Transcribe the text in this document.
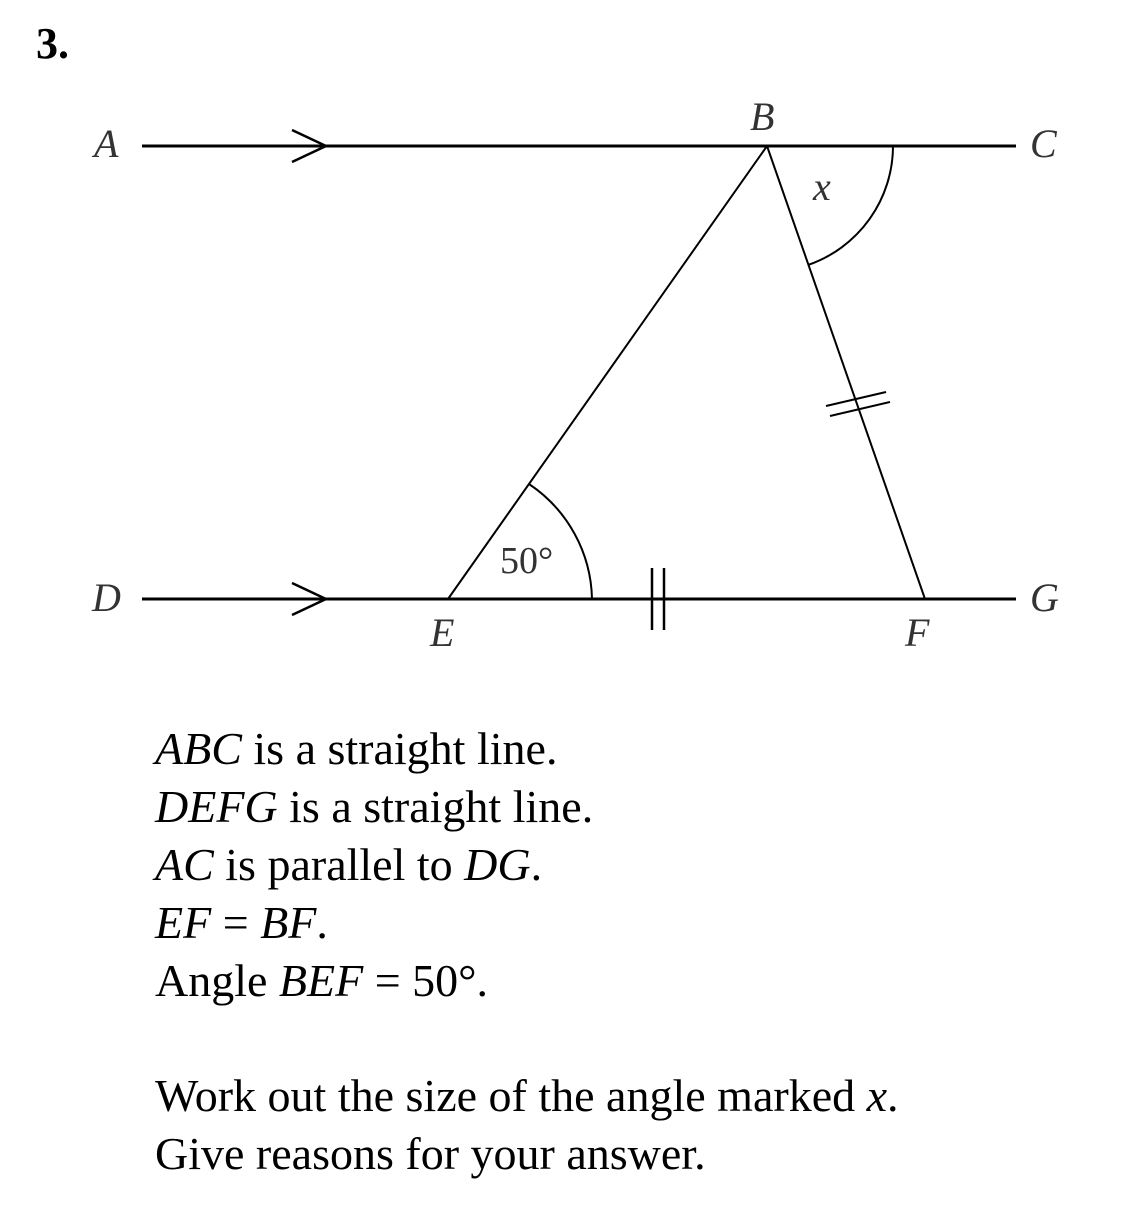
3.
A
B
C
D
E	F
G
x
50°
ABC is a straight line.
DEFG is a straight line.
AC is parallel to DG.
EF = BF.
Angle BEF = 50°.
Work out the size of the angle marked x.
Give reasons for your answer.
